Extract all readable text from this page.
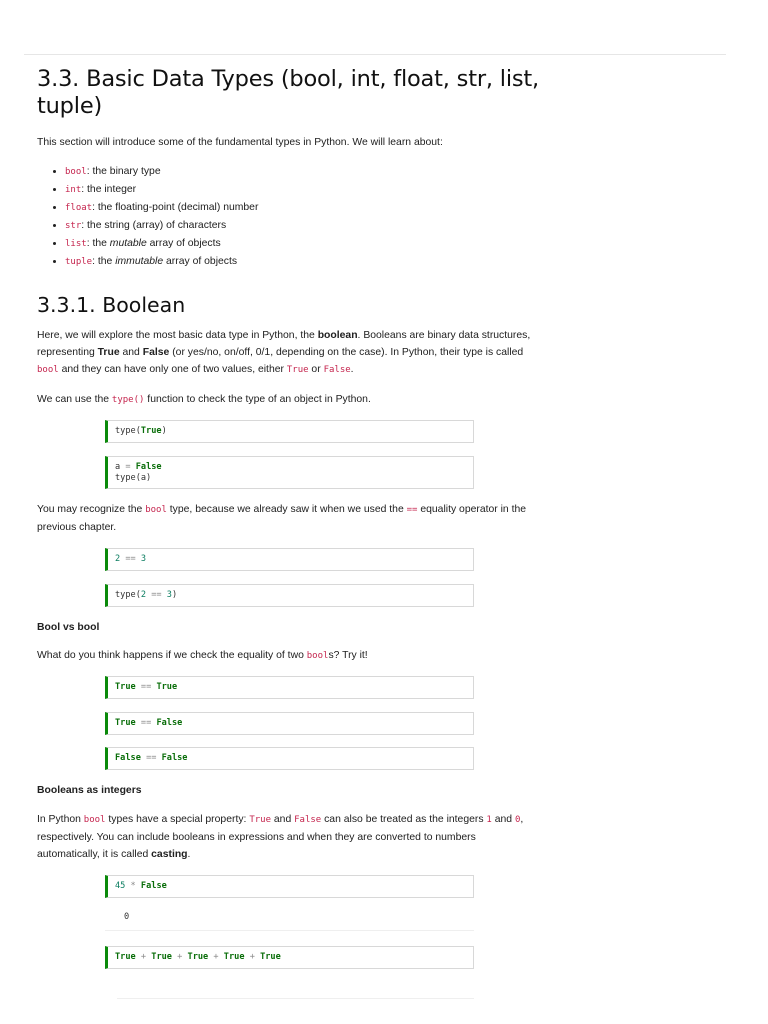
3.3. Basic Data Types (bool, int, float, str, list, tuple)

This section will introduce some of the fundamental types in Python. We will learn about:

• bool: the binary type
• int: the integer
• float: the floating-point (decimal) number
• str: the string (array) of characters
• list: the mutable array of objects
• tuple: the immutable array of objects
3.3.1. Boolean

Here, we will explore the most basic data type in Python, the boolean. Booleans are binary data structures, representing True and False (or yes/no, on/off, 0/1, depending on the case). In Python, their type is called bool and they can have only one of two values, either True or False.

We can use the type() function to check the type of an object in Python.

type(True)
a = False
type(a)

You may recognize the bool type, because we already saw it when we used the == equality operator in the previous chapter.

2 == 3
type(2 == 3)

Bool vs bool

What do you think happens if we check the equality of two bools? Try it!

True == True
True == False
False == False

Booleans as integers

In Python bool types have a special property: True and False can also be treated as the integers 1 and 0, respectively. You can include booleans in expressions and when they are converted to numbers automatically, it is called casting.

45 * False
0
True + True + True + True + True
